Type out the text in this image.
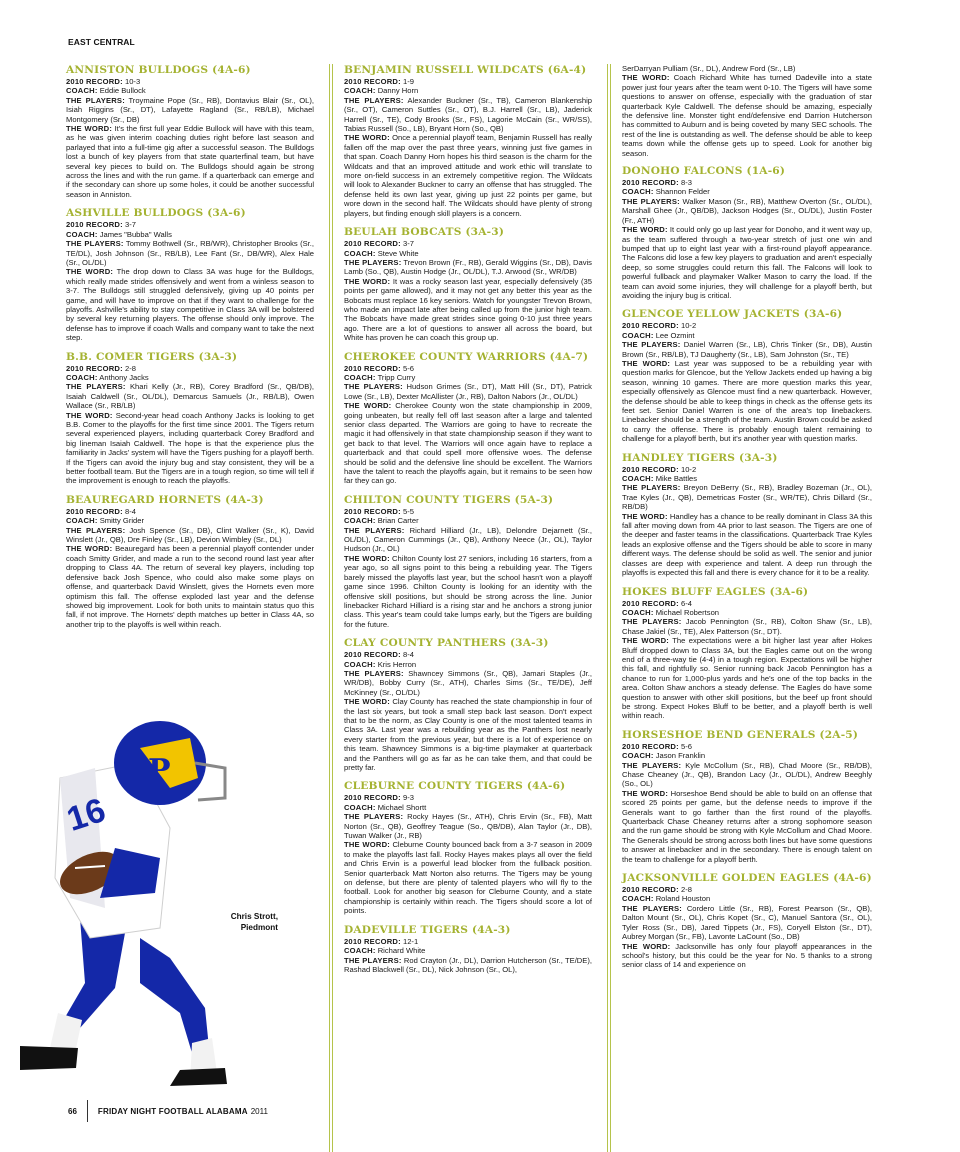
EAST CENTRAL
ANNISTON BULLDOGS (4A-6)

2010 RECORD: 10-3

COACH: Eddie Bullock

THE PLAYERS: Troymaine Pope (Sr., RB), Dontavius Blair (Sr., OL), Isiah Riggins (Sr., DT), Lafayette Ragland (Sr., RB/LB), Michael Montgomery (Sr., DB)

THE WORD: It's the first full year Eddie Bullock will have with this team, as he was given interim coaching duties right before last season and parlayed that into a full-time gig after a successful season. The Bulldogs lost a bunch of key players from that state quarterfinal team, but have several key pieces to build on. The Bulldogs should again be strong across the lines and with the run game. If a quarterback can emerge and if the secondary can shore up some holes, it could be another successful season in Anniston.

ASHVILLE BULLDOGS (3A-6)

2010 RECORD: 3-7

COACH: James "Bubba" Walls

THE PLAYERS: Tommy Bothwell (Sr., RB/WR), Christopher Brooks (Sr., TE/DL), Josh Johnson (Sr., RB/LB), Lee Fant (Sr., DB/WR), Alex Hale (Sr., OL/DL)

THE WORD: The drop down to Class 3A was huge for the Bulldogs, which really made strides offensively and went from a winless season to 3-7. The Bulldogs still struggled defensively, giving up 40 points per game, and will have to improve on that if they want to challenge for the playoffs. Ashville's ability to stay competitive in Class 3A will be bolstered by several key returning players. The offense should only improve. The defense has to improve if coach Walls and company want to take the next step.

B.B. COMER TIGERS (3A-3)

2010 RECORD: 2-8

COACH: Anthony Jacks

THE PLAYERS: Khari Kelly (Jr., RB), Corey Bradford (Sr., QB/DB), Isaiah Caldwell (Sr., OL/DL), Demarcus Samuels (Jr., RB/LB), Owen Wallace (Sr., RB/LB)

THE WORD: Second-year head coach Anthony Jacks is looking to get B.B. Comer to the playoffs for the first time since 2001. The Tigers return several experienced players, including quarterback Corey Bradford and big lineman Isaiah Caldwell. The hope is that the experience plus the familiarity in Jacks' system will have the Tigers pushing for a playoff berth. If the Tigers can avoid the injury bug and stay consistent, they will be a better football team. But the Tigers are in a tough region, so time will tell if the improvement is enough to reach the playoffs.

BEAUREGARD HORNETS (4A-3)

2010 RECORD: 8-4

COACH: Smitty Grider

THE PLAYERS: Josh Spence (Sr., DB), Clint Walker (Sr., K), David Winslett (Jr., QB), Dre Finley (Sr., LB), Devion Wimbley (Sr., DL)

THE WORD: Beauregard has been a perennial playoff contender under coach Smitty Grider, and made a run to the second round last year after dropping to Class 4A. The return of several key players, including top defensive back Josh Spence, who could also make some plays on offense, and quarterback David Winslett, gives the Hornets even more optimism this fall. The offense exploded last year and the defense showed big improvement. Look for both units to maintain status quo this fall, if not improve. The Hornets' depth matches up better in Class 4A, so another trip to the playoffs is well within reach.

BENJAMIN RUSSELL WILDCATS (6A-4)

2010 RECORD: 1-9

COACH: Danny Horn

THE PLAYERS: Alexander Buckner (Sr., TB), Cameron Blankenship (Sr., OT), Cameron Suttles (Sr., OT), B.J. Harrell (Sr., LB), Jaderick Harrell (Sr., TE), Cody Brooks (Sr., FS), Lagorie McCain (Sr., WR/SS), Tabias Russell (So., LB), Bryant Horn (So., QB)

THE WORD: Once a perennial playoff team, Benjamin Russell has really fallen off the map over the past three years, winning just five games in that span. Coach Danny Horn hopes his third season is the charm for the Wildcats and that an improved attitude and work ethic will translate to more on-field success in an extremely competitive region. The Wildcats will look to Alexander Buckner to carry an offense that has struggled. The defense held its own last year, giving up just 22 points per game, but wore down in the second half. The Wildcats should have plenty of strong players, but finding enough skill players is a concern.

BEULAH BOBCATS (3A-3)

2010 RECORD: 3-7

COACH: Steve White

THE PLAYERS: Trevon Brown (Fr., RB), Gerald Wiggins (Sr., DB), Davis Lamb (So., QB), Austin Hodge (Jr., OL/DL), T.J. Arwood (Sr., WR/DB)

THE WORD: It was a rocky season last year, especially defensively (35 points per game allowed), and it may not get any better this year as the Bobcats must replace 16 key seniors. Watch for youngster Trevon Brown, who made an impact late after being called up from the junior high team. The Bobcats have made great strides since going 0-10 just three years ago. There are a lot of questions to answer all across the board, but White has proven he can coach this group up.

CHEROKEE COUNTY WARRIORS (4A-7)

2010 RECORD: 5-6

COACH: Tripp Curry

THE PLAYERS: Hudson Grimes (Sr., DT), Matt Hill (Sr., DT), Patrick Lowe (Sr., LB), Dexter McAllister (Jr., RB), Dalton Nabors (Jr., OL/DL)

THE WORD: Cherokee County won the state championship in 2009, going unbeaten, but really fell off last season after a large and talented senior class departed. The Warriors are going to have to recreate the magic it had offensively in that state championship season if they want to get back to that level. The Warriors will once again have to replace a quarterback and that could spell more offensive woes. The defense should be solid and the defensive line should be excellent. The Warriors have the talent to reach the playoffs again, but it remains to be seen how far they can go.

CHILTON COUNTY TIGERS (5A-3)

2010 RECORD: 5-5

COACH: Brian Carter

THE PLAYERS: Richard Hilliard (Jr., LB), Delondre Dejarnett (Sr., OL/DL), Cameron Cummings (Jr., QB), Anthony Neece (Jr., OL), Taylor Hudson (Jr., OL)

THE WORD: Chilton County lost 27 seniors, including 16 starters, from a year ago, so all signs point to this being a rebuilding year. The Tigers barely missed the playoffs last year, but the school hasn't won a playoff game since 1996. Chilton County is looking for an identity with the offensive skill positions, but should be strong across the line. Junior linebacker Richard Hilliard is a rising star and he anchors a strong junior class. This year's team could take lumps early, but the Tigers are building for the future.

CLAY COUNTY PANTHERS (3A-3)

2010 RECORD: 8-4

COACH: Kris Herron

THE PLAYERS: Shawncey Simmons (Sr., QB), Jamari Staples (Jr., WR/DB), Bobby Curry (Sr., ATH), Charles Sims (Sr., TE/DE), Jeff McKinney (Sr., OL/DL)

THE WORD: Clay County has reached the state championship in four of the last six years, but took a small step back last season. Don't expect that to be the norm, as Clay County is one of the most talented teams in Class 3A. Last year was a rebuilding year as the Panthers lost nearly every starter from the previous year, but there is a lot of experience on this team. Shawncey Simmons is a big-time playmaker at quarterback and the Panthers will go as far as he can take them, and that could be pretty far.

CLEBURNE COUNTY TIGERS (4A-6)

2010 RECORD: 9-3

COACH: Michael Shortt

THE PLAYERS: Rocky Hayes (Sr., ATH), Chris Ervin (Sr., FB), Matt Norton (Sr., QB), Geoffrey Teague (So., QB/DB), Alan Taylor (Jr., DB), Tuwan Walker (Jr., RB)

THE WORD: Cleburne County bounced back from a 3-7 season in 2009 to make the playoffs last fall. Rocky Hayes makes plays all over the field and Chris Ervin is a powerful lead blocker from the fullback position. Senior quarterback Matt Norton also returns. The Tigers may be young on defense, but there are plenty of talented players who will fly to the football. Look for another big season for Cleburne County, and a state championship is certainly within reach. The Tigers should score a lot of points.

DADEVILLE TIGERS (4A-3)

2010 RECORD: 12-1

COACH: Richard White

THE PLAYERS: Rod Crayton (Jr., DL), Darrion Hutcherson (Sr., TE/DE), Rashad Blackwell (Sr., DL), Nick Johnson (Sr., OL),

SerDarryan Pulliam (Sr., DL), Andrew Ford (Sr., LB)

THE WORD: Coach Richard White has turned Dadeville into a state power just four years after the team went 0-10. The Tigers will have some questions to answer on offense, especially with the graduation of star quarterback Kyle Caldwell. The defense should be amazing, especially the defensive line. Monster tight end/defensive end Darrion Hutcherson has committed to Auburn and is being coveted by many SEC schools. The rest of the line is outstanding as well. The defense should be able to keep teams down while the offense gets up to speed. Look for another big season.

DONOHO FALCONS (1A-6)

2010 RECORD: 8-3

COACH: Shannon Felder

THE PLAYERS: Walker Mason (Sr., RB), Matthew Overton (Sr., OL/DL), Marshall Ghee (Jr., QB/DB), Jackson Hodges (Sr., OL/DL), Justin Foster (Fr., ATH)

THE WORD: It could only go up last year for Donoho, and it went way up, as the team suffered through a two-year stretch of just one win and bumped that up to eight last year with a first-round playoff appearance. The Falcons did lose a few key players to graduation and aren't especially deep, so some struggles could return this fall. The Falcons will look to powerful fullback and playmaker Walker Mason to carry the load. If the team can avoid some injuries, they will challenge for a playoff berth, but avoiding the injury bug is critical.

GLENCOE YELLOW JACKETS (3A-6)

2010 RECORD: 10-2

COACH: Lee Ozmint

THE PLAYERS: Daniel Warren (Sr., LB), Chris Tinker (Sr., DB), Austin Brown (Sr., RB/LB), TJ Daugherty (Sr., LB), Sam Johnston (Sr., TE)

THE WORD: Last year was supposed to be a rebuilding year with question marks for Glencoe, but the Yellow Jackets ended up having a big season, winning 10 games. There are more question marks this year, especially offensively as Glencoe must find a new quarterback. However, the defense should be able to keep things in check as the offense gets its feet set. Senior Daniel Warren is one of the area's top linebackers. Linebacker should be a strength of the team. Austin Brown could be asked to carry the offense. There is probably enough talent remaining to challenge for a playoff berth, but it's another year with question marks.

HANDLEY TIGERS (3A-3)

2010 RECORD: 10-2

COACH: Mike Battles

THE PLAYERS: Breyon DeBerry (Sr., RB), Bradley Bozeman (Jr., OL), Trae Kyles (Jr., QB), Demetricas Foster (Sr., WR/TE), Chris Dillard (Sr., RB/DB)

THE WORD: Handley has a chance to be really dominant in Class 3A this fall after moving down from 4A prior to last season. The Tigers are one of the deeper and faster teams in the classifications. Quarterback Trae Kyles leads an explosive offense and the Tigers should be able to score in many different ways. The defense should be solid as well. The senior and junior classes are deep with experience and talent. A deep run through the playoffs is expected this fall and there is every chance for it to be a reality.

HOKES BLUFF EAGLES (3A-6)

2010 RECORD: 6-4

COACH: Michael Robertson

THE PLAYERS: Jacob Pennington (Sr., RB), Colton Shaw (Sr., LB), Chase Jakiel (Sr., TE), Alex Patterson (Sr., DT).

THE WORD: The expectations were a bit higher last year after Hokes Bluff dropped down to Class 3A, but the Eagles came out on the wrong end of a three-way tie (4-4) in a tough region. Expectations will be higher this fall, and rightfully so. Senior running back Jacob Pennington has a chance to run for 1,000-plus yards and he's one of the top backs in the area. Colton Shaw anchors a steady defense. The Eagles do have some question to answer with other skill positions, but the beef up front should be strong. Expect Hokes Bluff to be better, and a playoff berth is well within reach.

HORSESHOE BEND GENERALS (2A-5)

2010 RECORD: 5-6

COACH: Jason Franklin

THE PLAYERS: Kyle McCollum (Sr., RB), Chad Moore (Sr., RB/DB), Chase Cheaney (Jr., QB), Brandon Lacy (Jr., OL/DL), Andrew Beeghly (So., OL)

THE WORD: Horseshoe Bend should be able to build on an offense that scored 25 points per game, but the defense needs to improve if the Generals want to go farther than the first round of the playoffs. Quarterback Chase Cheaney returns after a strong sophomore season and the run game should be strong with Kyle McCollum and Chad Moore. The Generals should be strong across both lines but have some questions to answer at linebacker and in the secondary. There is enough talent on the team to challenge for a playoff berth.

JACKSONVILLE GOLDEN EAGLES (4A-6)

2010 RECORD: 2-8

COACH: Roland Houston

THE PLAYERS: Cordero Little (Sr., RB), Forest Pearson (Sr., QB), Dalton Mount (Sr., OL), Chris Kopet (Sr., C), Manuel Santora (Sr., OL), Tyler Ross (Sr., DB), Jared Tippets (Jr., FS), Coryell Elston (Sr., DT), Aubrey Morgan (Sr., FB), Lavonte LaCount (So., DB)

THE WORD: Jacksonville has only four playoff appearances in the school's history, but this could be the year for No. 5 thanks to a strong senior class of 14 and experience on

16
P
Chris Strott,
Piedmont
66	FRIDAY NIGHT FOOTBALL ALABAMA 2011
